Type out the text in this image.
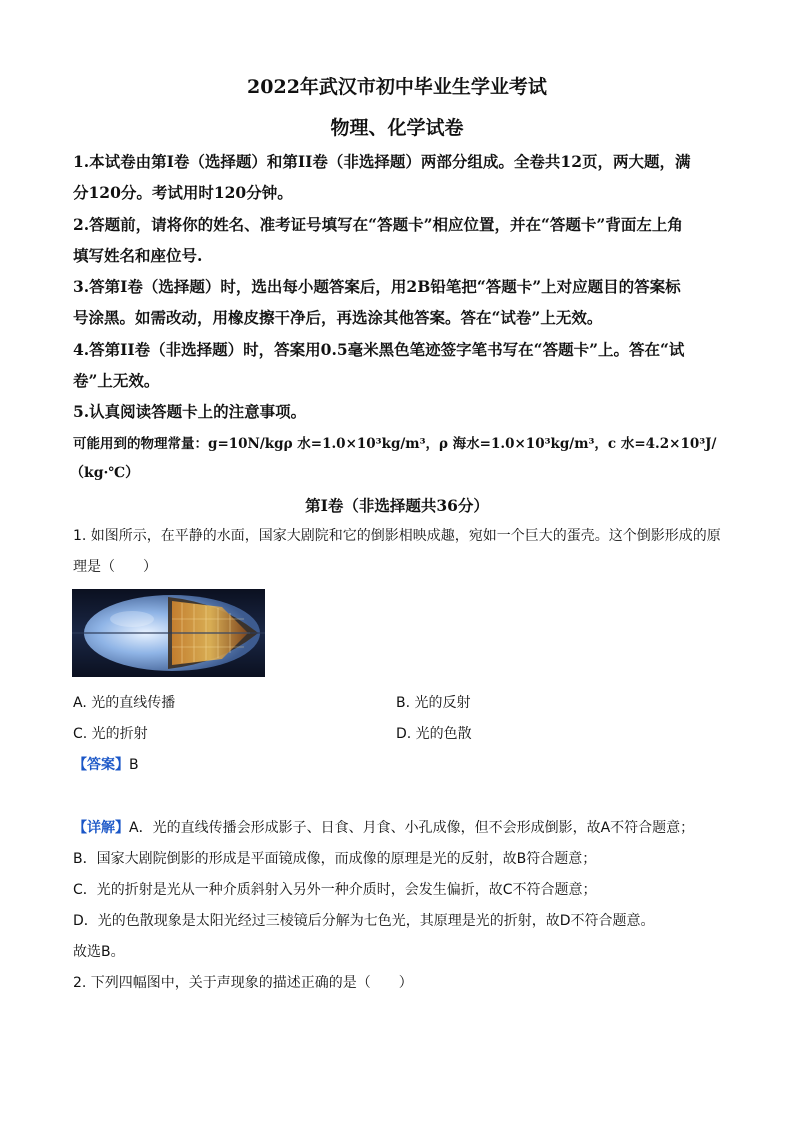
2022年武汉市初中毕业生学业考试
物理、化学试卷
1.本试卷由第I卷（选择题）和第II卷（非选择题）两部分组成。全卷共12页，两大题，满
分120分。考试用时120分钟。
2.答题前，请将你的姓名、准考证号填写在“答题卡”相应位置，并在“答题卡”背面左上角
填写姓名和座位号.
3.答第I卷（选择题）时，选出每小题答案后，用2B铅笔把“答题卡”上对应题目的答案标
号涂黑。如需改动，用橡皮擦干净后，再选涂其他答案。答在“试卷”上无效。
4.答第II卷（非选择题）时，答案用0.5毫米黑色笔迹签字笔书写在“答题卡”上。答在“试
卷”上无效。
5.认真阅读答题卡上的注意事项。
可能用到的物理常量：g=10N/kgρ 水=1.0×10³kg/m³，ρ 海水=1.0×10³kg/m³，c 水=4.2×10³J/
（kg·℃）
第I卷（非选择题共36分）
1. 如图所示，在平静的水面，国家大剧院和它的倒影相映成趣，宛如一个巨大的蛋壳。这个倒影形成的原
理是（　　）
A. 光的直线传播	B. 光的反射
C. 光的折射	D. 光的色散
【答案】B
【详解】A．光的直线传播会形成影子、日食、月食、小孔成像，但不会形成倒影，故A不符合题意；
B．国家大剧院倒影的形成是平面镜成像，而成像的原理是光的反射，故B符合题意；
C．光的折射是光从一种介质斜射入另外一种介质时，会发生偏折，故C不符合题意；
D．光的色散现象是太阳光经过三棱镜后分解为七色光，其原理是光的折射，故D不符合题意。
故选B。
2. 下列四幅图中，关于声现象的描述正确的是（　　）
